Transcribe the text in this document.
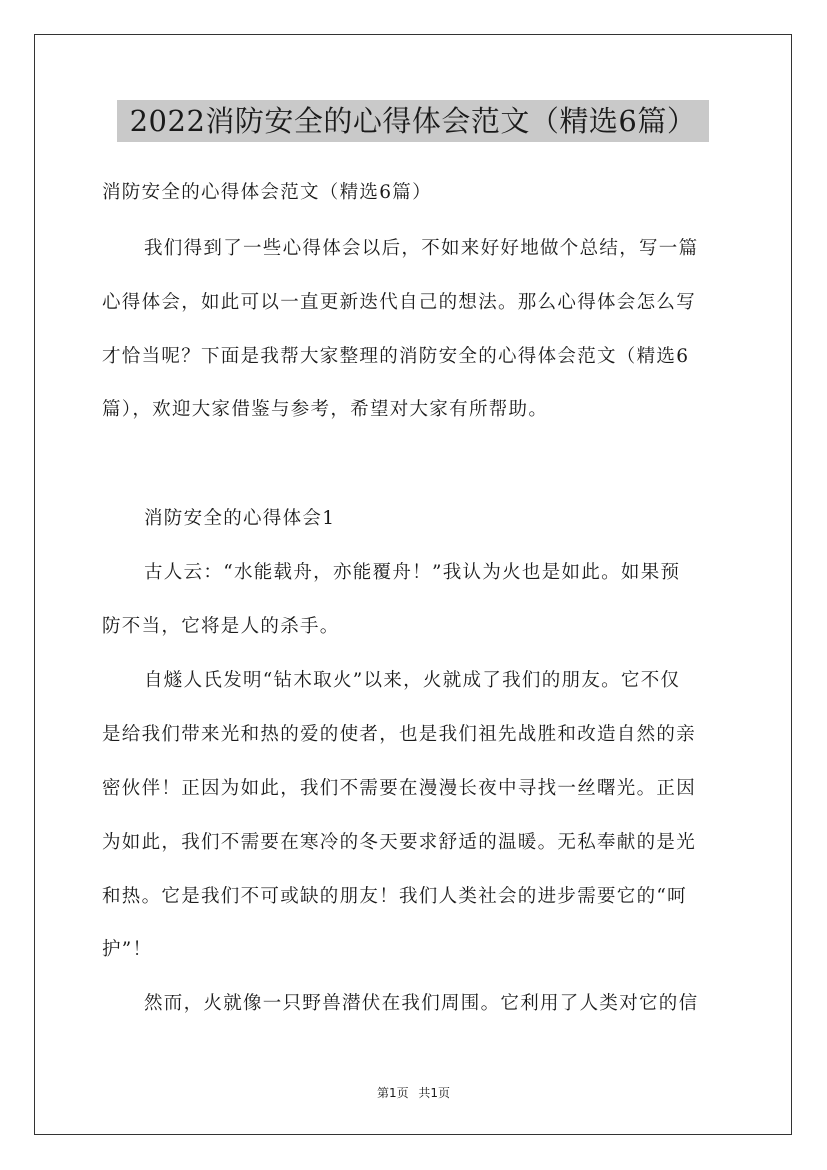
2022消防安全的心得体会范文（精选6篇）
消防安全的心得体会范文（精选6篇）
我们得到了一些心得体会以后，不如来好好地做个总结，写一篇
心得体会，如此可以一直更新迭代自己的想法。那么心得体会怎么写
才恰当呢？下面是我帮大家整理的消防安全的心得体会范文（精选6
篇），欢迎大家借鉴与参考，希望对大家有所帮助。
消防安全的心得体会1
古人云：“水能载舟，亦能覆舟！”我认为火也是如此。如果预
防不当，它将是人的杀手。
自燧人氏发明“钻木取火”以来，火就成了我们的朋友。它不仅
是给我们带来光和热的爱的使者，也是我们祖先战胜和改造自然的亲
密伙伴！正因为如此，我们不需要在漫漫长夜中寻找一丝曙光。正因
为如此，我们不需要在寒冷的冬天要求舒适的温暖。无私奉献的是光
和热。它是我们不可或缺的朋友！我们人类社会的进步需要它的“呵
护”！
然而，火就像一只野兽潜伏在我们周围。它利用了人类对它的信
第1页 共1页
